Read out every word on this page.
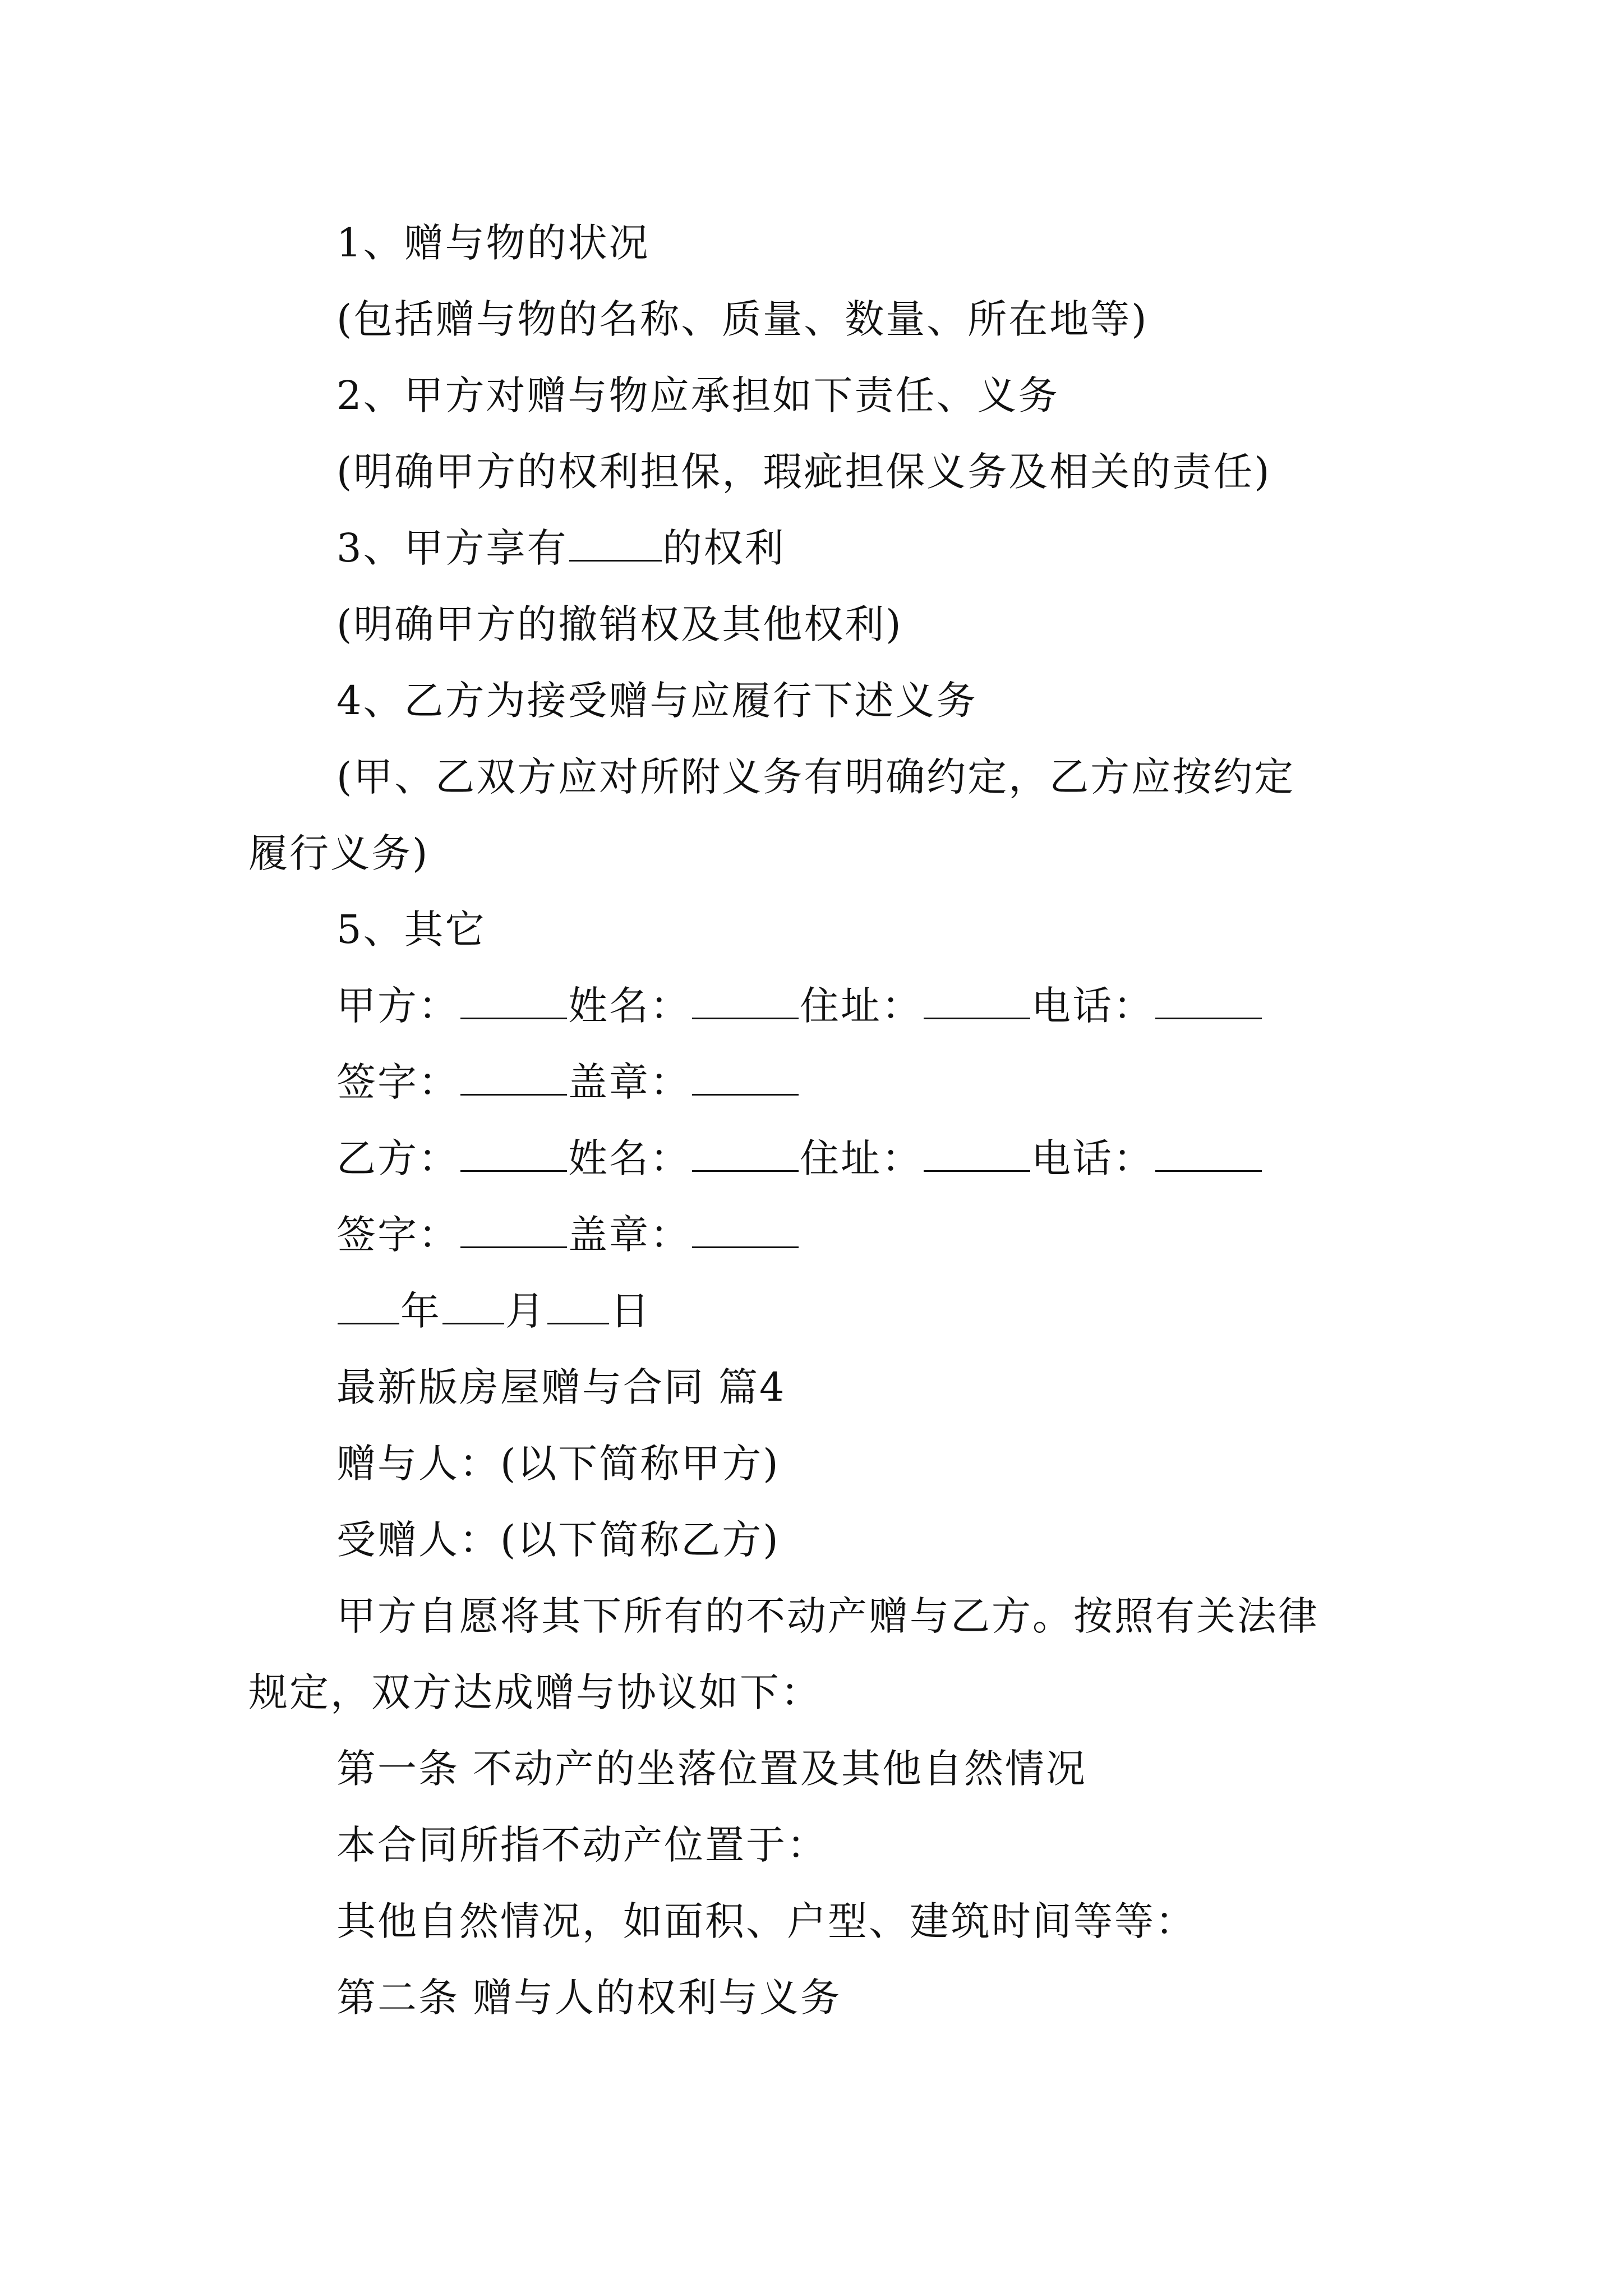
1、赠与物的状况
(包括赠与物的名称、质量、数量、所在地等)
2、甲方对赠与物应承担如下责任、义务
(明确甲方的权利担保，瑕疵担保义务及相关的责任)
3、甲方享有 的权利
(明确甲方的撤销权及其他权利)
4、乙方为接受赠与应履行下述义务
(甲、乙双方应对所附义务有明确约定，乙方应按约定
履行义务)
5、其它
甲方：	姓名：	住址：	电话：
签字：	盖章：
乙方：	姓名：	住址：	电话：
签字：	盖章：
年 月 日
最新版房屋赠与合同 篇4
赠与人：(以下简称甲方)
受赠人：(以下简称乙方)
甲方自愿将其下所有的不动产赠与乙方。按照有关法律
规定，双方达成赠与协议如下：
第一条 不动产的坐落位置及其他自然情况
本合同所指不动产位置于：
其他自然情况，如面积、户型、建筑时间等等：
第二条 赠与人的权利与义务
